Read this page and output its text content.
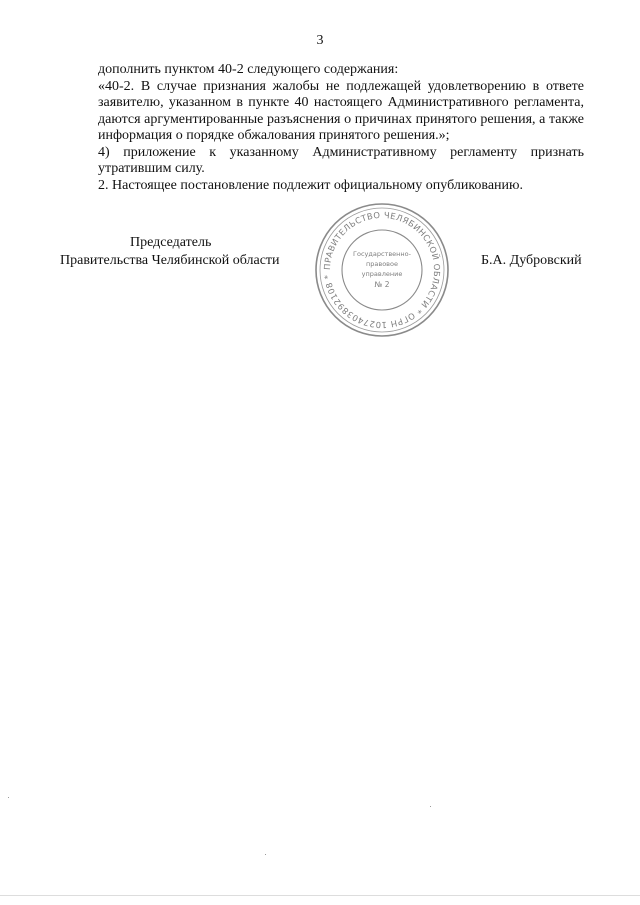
3

дополнить пунктом 40-2 следующего содержания:

«40-2. В случае признания жалобы не подлежащей удовлетворению в ответе заявителю, указанном в пункте 40 настоящего Административного регламента, даются аргументированные разъяснения о причинах принятого решения, а также информация о порядке обжалования принятого решения.»;

4) приложение к указанному Административному регламенту признать утратившим силу.

2. Настоящее постановление подлежит официальному опубликованию.

Председатель
Правительства Челябинской области	Б.А. Дубровский
ПРАВИТЕЛЬСТВО ЧЕЛЯБИНСКОЙ ОБЛАСТИ * ОГРН 1027403892108 *
Государственно-
правовое
управление
№ 2
